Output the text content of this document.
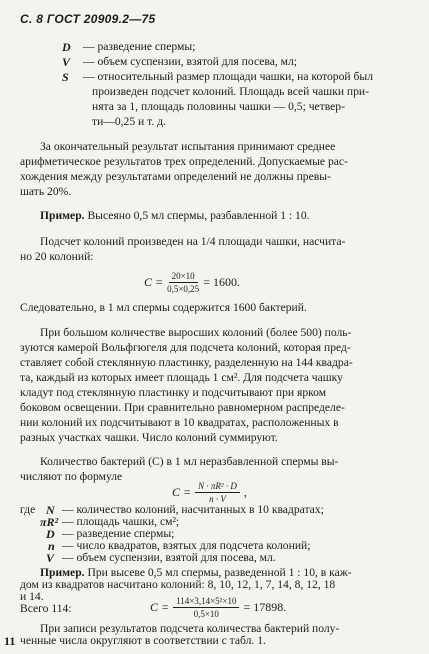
С. 8 ГОСТ 20909.2—75
D — разведение спермы;
V — объем суспензии, взятой для посева, мл;
S — относительный размер площади чашки, на которой был
произведен подсчет колоний. Площадь всей чашки при-
нята за 1, площадь половины чашки — 0,5; четвер-
ти—0,25 и т. д.
За окончательный результат испытания принимают среднее
арифметическое результатов трех определений. Допускаемые рас-
хождения между результатами определений не должны превы-
шать 20%.
Пример. Высеяно 0,5 мл спермы, разбавленной 1 : 10.
Подсчет колоний произведен на 1/4 площади чашки, насчита-
но 20 колоний:
$C = \frac{20\times 10}{0,5\times 0,25} = 1600$.
Следовательно, в 1 мл спермы содержится 1600 бактерий.
При большом количестве выросших колоний (более 500) поль-
зуются камерой Вольфгюгеля для подсчета колоний, которая пред-
ставляет собой стеклянную пластинку, разделенную на 144 квадра-
та, каждый из которых имеет площадь 1 см². Для подсчета чашку
кладут под стеклянную пластинку и подсчитывают при ярком
боковом освещении. При сравнительно равномерном распределе-
нии колоний их подсчитывают в 10 квадратах, расположенных в
разных участках чашки. Число колоний суммируют.
Количество бактерий (C) в 1 мл неразбавленной спермы вы-
числяют по формуле
$C = \frac{\text{N · πR² · D}}{n \cdot V}$ ,
где N — количество колоний, насчитанных в 10 квадратах;
πR² — площадь чашки, см²;
D — разведение спермы;
n — число квадратов, взятых для подсчета колоний;
V — объем суспензии, взятой для посева, мл.
Пример. При высеве 0,5 мл спермы, разведенной 1 : 10, в каж-
дом из квадратов насчитано колоний: 8, 10, 12, 1, 7, 14, 8, 12, 18
и 14.
Всего 114:	$C = \frac{\text{114×3,14×5²×10}}{0,5\times 10} = 17898$.
При записи результатов подсчета количества бактерий полу-
ченные числа округляют в соответствии с табл. 1.
11
